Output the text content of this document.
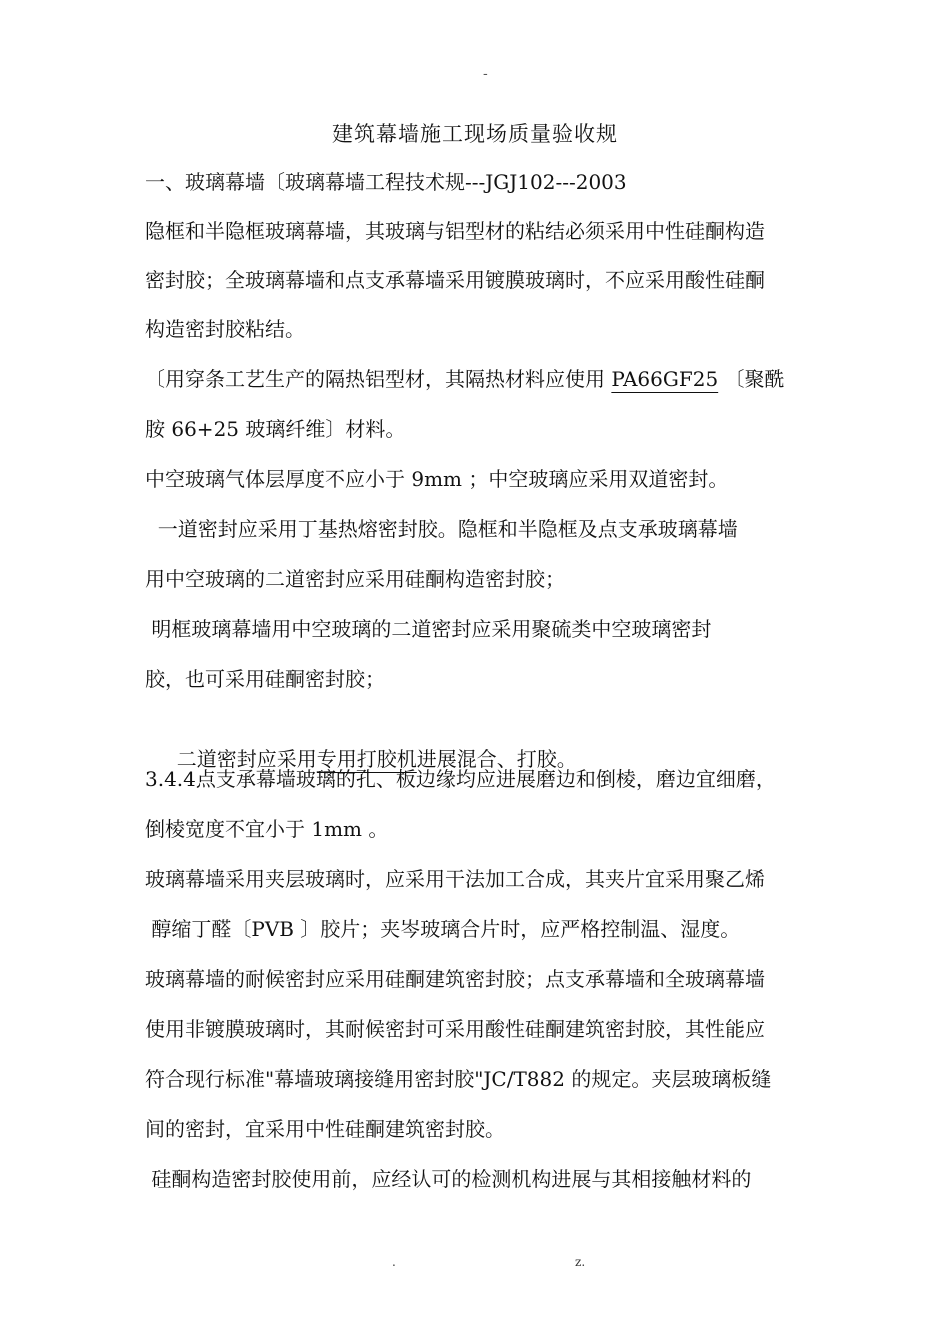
-
建筑幕墙施工现场质量验收规
一、玻璃幕墙〔玻璃幕墙工程技术规---JGJ102---2003
隐框和半隐框玻璃幕墙，其玻璃与铝型材的粘结必须采用中性硅酮构造
密封胶；全玻璃幕墙和点支承幕墙采用镀膜玻璃时，不应采用酸性硅酮
构造密封胶粘结。
〔用穿条工艺生产的隔热铝型材，其隔热材料应使用 PA66GF25 〔聚酰
胺 66+25 玻璃纤维〕材料。
中空玻璃气体层厚度不应小于 9mm ；中空玻璃应采用双道密封。
一道密封应采用丁基热熔密封胶。隐框和半隐框及点支承玻璃幕墙
用中空玻璃的二道密封应采用硅酮构造密封胶；
明框玻璃幕墙用中空玻璃的二道密封应采用聚硫类中空玻璃密封
胶，也可采用硅酮密封胶；

二道密封应采用专用打胶机进展混合、打胶。

3.4.4点支承幕墙玻璃的孔、板边缘均应进展磨边和倒棱，磨边宜细磨，
倒棱宽度不宜小于 1mm 。
玻璃幕墙采用夹层玻璃时，应采用干法加工合成，其夹片宜采用聚乙烯
醇缩丁醛〔PVB 〕胶片；夹岑玻璃合片时，应严格控制温、湿度。
玻璃幕墙的耐候密封应采用硅酮建筑密封胶；点支承幕墙和全玻璃幕墙
使用非镀膜玻璃时，其耐候密封可采用酸性硅酮建筑密封胶，其性能应
符合现行标准"幕墙玻璃接缝用密封胶"JC/T882 的规定。夹层玻璃板缝
间的密封，宜采用中性硅酮建筑密封胶。
硅酮构造密封胶使用前，应经认可的检测机构进展与其相接触材料的
.	z.
